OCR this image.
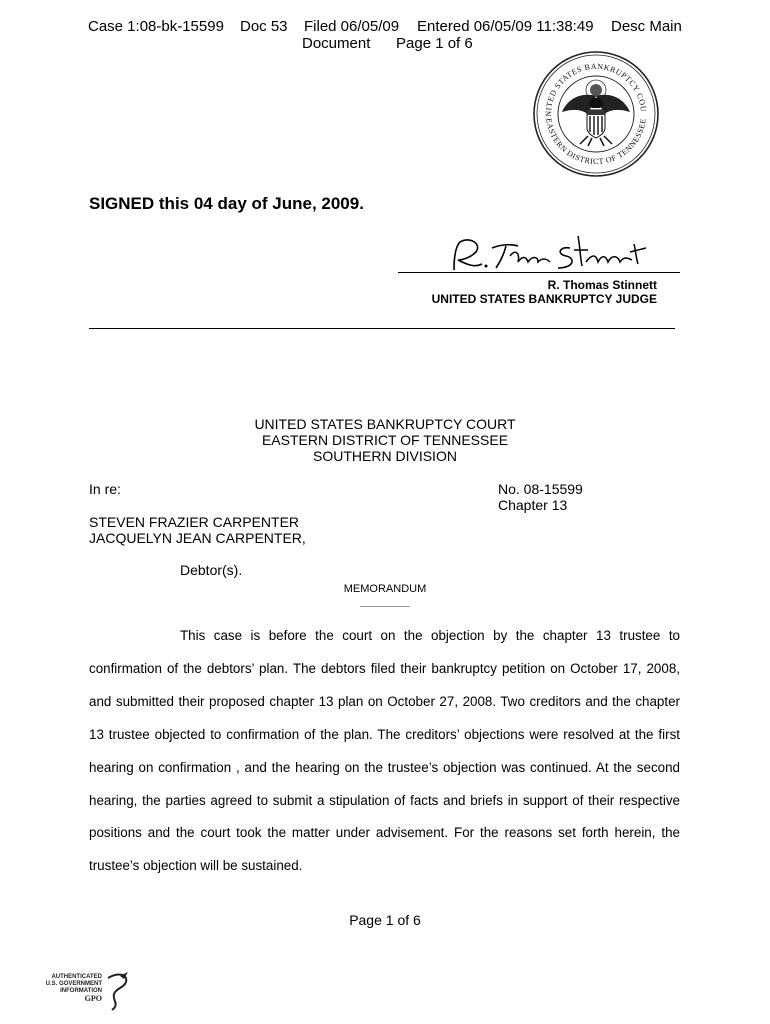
Case 1:08-bk-15599 Doc 53 Filed 06/05/09 Entered 06/05/09 11:38:49 Desc Main
Document Page 1 of 6
NITED STATES BANKRUPTCY COU
EASTERN DISTRICT OF TENNESSEE
SIGNED this 04 day of June, 2009.
R. Thomas Stinnett
UNITED STATES BANKRUPTCY JUDGE
UNITED STATES BANKRUPTCY COURT
EASTERN DISTRICT OF TENNESSEE
SOUTHERN DIVISION
In re:	No. 08-15599
Chapter 13
STEVEN FRAZIER CARPENTER
JACQUELYN JEAN CARPENTER,
Debtor(s).
MEMORANDUM
This case is before the court on the objection by the chapter 13 trustee to confirmation of the debtors’ plan. The debtors filed their bankruptcy petition on October 17, 2008, and submitted their proposed chapter 13 plan on October 27, 2008. Two creditors and the chapter 13 trustee objected to confirmation of the plan. The creditors’ objections were resolved at the first hearing on confirmation , and the hearing on the trustee’s objection was continued. At the second hearing, the parties agreed to submit a stipulation of facts and briefs in support of their respective positions and the court took the matter under advisement. For the reasons set forth herein, the trustee’s objection will be sustained.
Page 1 of 6
AUTHENTICATED
U.S. GOVERNMENT
INFORMATION
GPO
